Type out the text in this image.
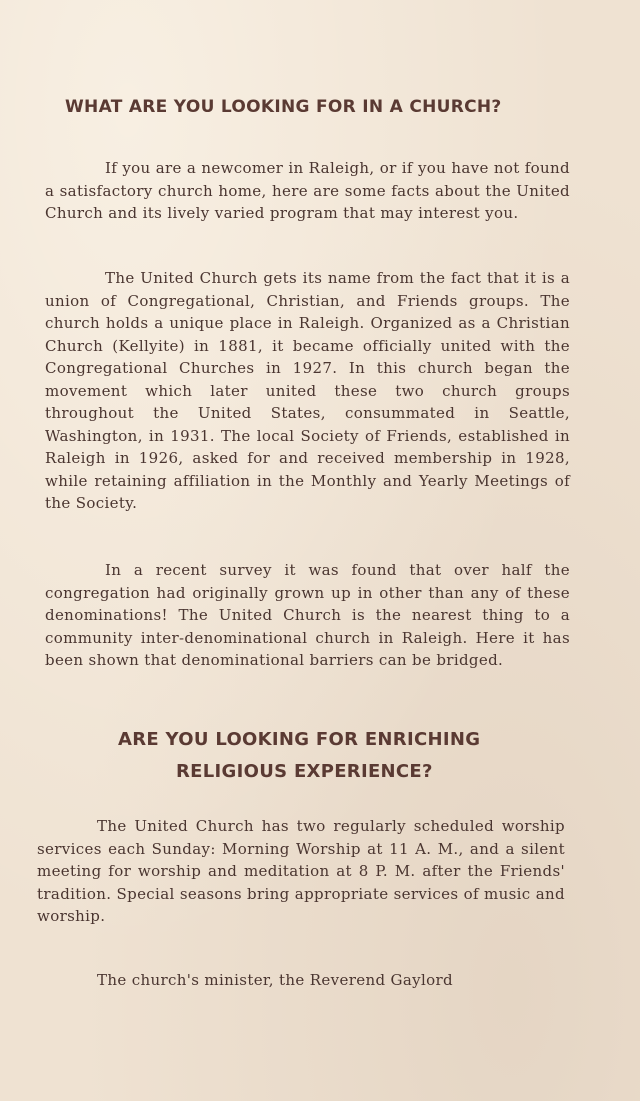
WHAT ARE YOU LOOKING FOR IN A CHURCH?

If you are a newcomer in Raleigh, or if you have not found a satisfactory church home, here are some facts about the United Church and its lively varied program that may interest you.

The United Church gets its name from the fact that it is a union of Congregational, Christian, and Friends groups. The church holds a unique place in Raleigh. Organized as a Christian Church (Kellyite) in 1881, it became officially united with the Congregational Churches in 1927. In this church began the movement which later united these two church groups throughout the United States, consummated in Seattle, Washington, in 1931. The local Society of Friends, established in Raleigh in 1926, asked for and received membership in 1928, while retaining affiliation in the Monthly and Yearly Meetings of the Society.

In a recent survey it was found that over half the congregation had originally grown up in other than any of these denominations! The United Church is the nearest thing to a community inter-denominational church in Raleigh. Here it has been shown that denominational barriers can be bridged.

ARE YOU LOOKING FOR ENRICHING
RELIGIOUS EXPERIENCE?

The United Church has two regularly scheduled worship services each Sunday: Morning Worship at 11 A. M., and a silent meeting for worship and meditation at 8 P. M. after the Friends' tradition. Special seasons bring appropriate services of music and worship.

The church's minister, the Reverend Gaylord
